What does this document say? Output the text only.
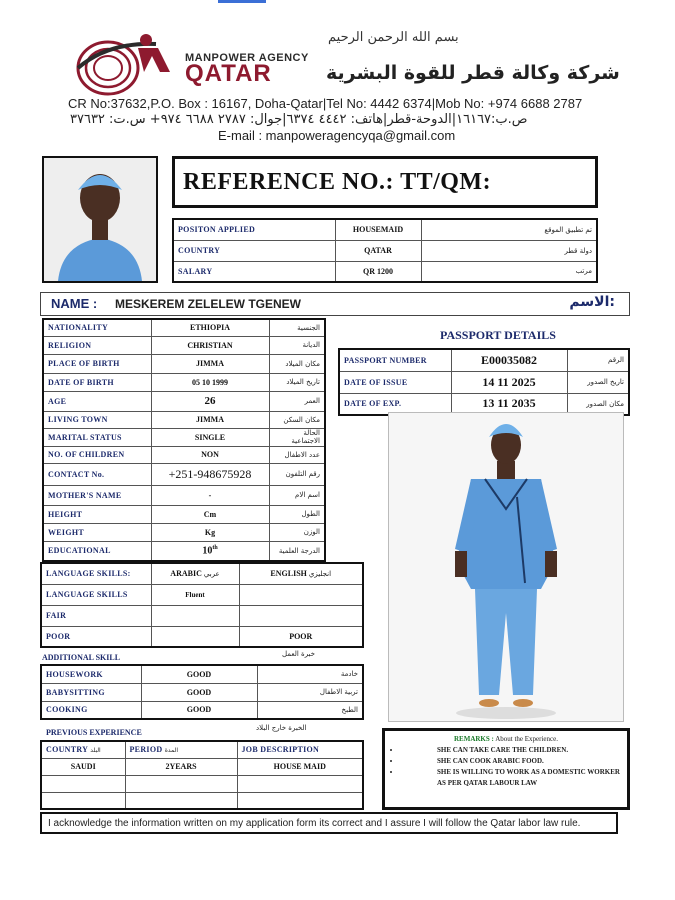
بسم الله الرحمن الرحيم
MANPOWER AGENCY
QATAR	شركة وكالة قطر للقوة البشرية
CR No:37632,P.O. Box : 16167, Doha-Qatar|Tel No: 4442 6374|Mob No: +974 6688 2787
ص.ب:١٦١٦٧|الدوحة-قطر|هاتف: ٤٤٤٢ ٦٣٧٤|جوال: ٢٧٨٧ ٦٦٨٨ ٩٧٤+ س.ت: ٣٧٦٣٢
E-mail : manpoweragencyqa@gmail.com
REFERENCE NO.: TT/QM:
POSITON APPLIED	HOUSEMAID	تم تطبيق الموقع
COUNTRY	QATAR	دولة قطر
SALARY	QR 1200	مرتب
NAME : MESKEREM ZELELEW TGENEW	الاسم:
NATIONALITY	ETHIOPIA	الجنسية
RELIGION	CHRISTIAN	الديانة
PLACE OF BIRTH	JIMMA	مكان الميلاد
DATE OF BIRTH	05 10 1999	تاريخ الميلاد
AGE	26	العمر
LIVING TOWN	JIMMA	مكان السكن
MARITAL STATUS	SINGLE	الحالة الاجتماعية
NO. OF CHILDREN	NON	عدد الاطفال
CONTACT No.	+251-948675928	رقم التلفون
MOTHER'S NAME	-	اسم الام
HEIGHT	Cm	الطول
WEIGHT	Kg	الوزن
EDUCATIONAL	10th	الدرجة العلمية
PASSPORT DETAILS
PASSPORT NUMBER	E00035082	الرقم
DATE OF ISSUE	14 11 2025	تاريخ الصدور
DATE OF EXP.	13 11 2035	مكان الصدور
LANGUAGE SKILLS:	ARABIC عربي	ENGLISH انجليزي
LANGUAGE SKILLS	Fluent	
FAIR		
POOR		POOR
ADDITIONAL SKILL	خبرة العمل
HOUSEWORK	GOOD	خادمة
BABYSITTING	GOOD	تربية الاطفال
COOKING	GOOD	الطبخ
PREVIOUS EXPERIENCE	الخبرة خارج البلاد
COUNTRY البلد	PERIOD المدة	JOB DESCRIPTION
SAUDI	2YEARS	HOUSE MAID

REMARKS : About the Experience.
• SHE CAN TAKE CARE THE CHILDREN.
• SHE CAN COOK ARABIC FOOD.
• SHE IS WILLING TO WORK AS A DOMESTIC WORKER AS PER QATAR LABOUR LAW
I acknowledge the information written on my application form its correct and I assure I will follow the Qatar labor law rule.
